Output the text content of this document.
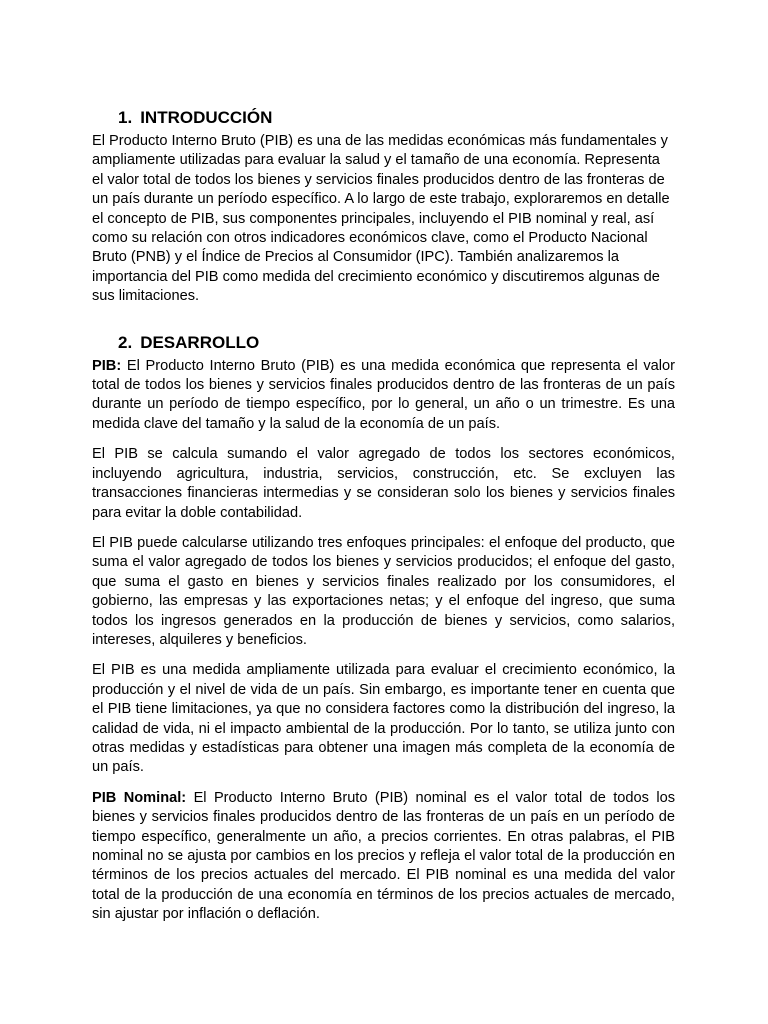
1. INTRODUCCIÓN

El Producto Interno Bruto (PIB) es una de las medidas económicas más fundamentales y ampliamente utilizadas para evaluar la salud y el tamaño de una economía. Representa el valor total de todos los bienes y servicios finales producidos dentro de las fronteras de un país durante un período específico. A lo largo de este trabajo, exploraremos en detalle el concepto de PIB, sus componentes principales, incluyendo el PIB nominal y real, así como su relación con otros indicadores económicos clave, como el Producto Nacional Bruto (PNB) y el Índice de Precios al Consumidor (IPC). También analizaremos la importancia del PIB como medida del crecimiento económico y discutiremos algunas de sus limitaciones.

2. DESARROLLO

PIB: El Producto Interno Bruto (PIB) es una medida económica que representa el valor total de todos los bienes y servicios finales producidos dentro de las fronteras de un país durante un período de tiempo específico, por lo general, un año o un trimestre. Es una medida clave del tamaño y la salud de la economía de un país.

El PIB se calcula sumando el valor agregado de todos los sectores económicos, incluyendo agricultura, industria, servicios, construcción, etc. Se excluyen las transacciones financieras intermedias y se consideran solo los bienes y servicios finales para evitar la doble contabilidad.

El PIB puede calcularse utilizando tres enfoques principales: el enfoque del producto, que suma el valor agregado de todos los bienes y servicios producidos; el enfoque del gasto, que suma el gasto en bienes y servicios finales realizado por los consumidores, el gobierno, las empresas y las exportaciones netas; y el enfoque del ingreso, que suma todos los ingresos generados en la producción de bienes y servicios, como salarios, intereses, alquileres y beneficios.

El PIB es una medida ampliamente utilizada para evaluar el crecimiento económico, la producción y el nivel de vida de un país. Sin embargo, es importante tener en cuenta que el PIB tiene limitaciones, ya que no considera factores como la distribución del ingreso, la calidad de vida, ni el impacto ambiental de la producción. Por lo tanto, se utiliza junto con otras medidas y estadísticas para obtener una imagen más completa de la economía de un país.

PIB Nominal: El Producto Interno Bruto (PIB) nominal es el valor total de todos los bienes y servicios finales producidos dentro de las fronteras de un país en un período de tiempo específico, generalmente un año, a precios corrientes. En otras palabras, el PIB nominal no se ajusta por cambios en los precios y refleja el valor total de la producción en términos de los precios actuales del mercado. El PIB nominal es una medida del valor total de la producción de una economía en términos de los precios actuales de mercado, sin ajustar por inflación o deflación.
